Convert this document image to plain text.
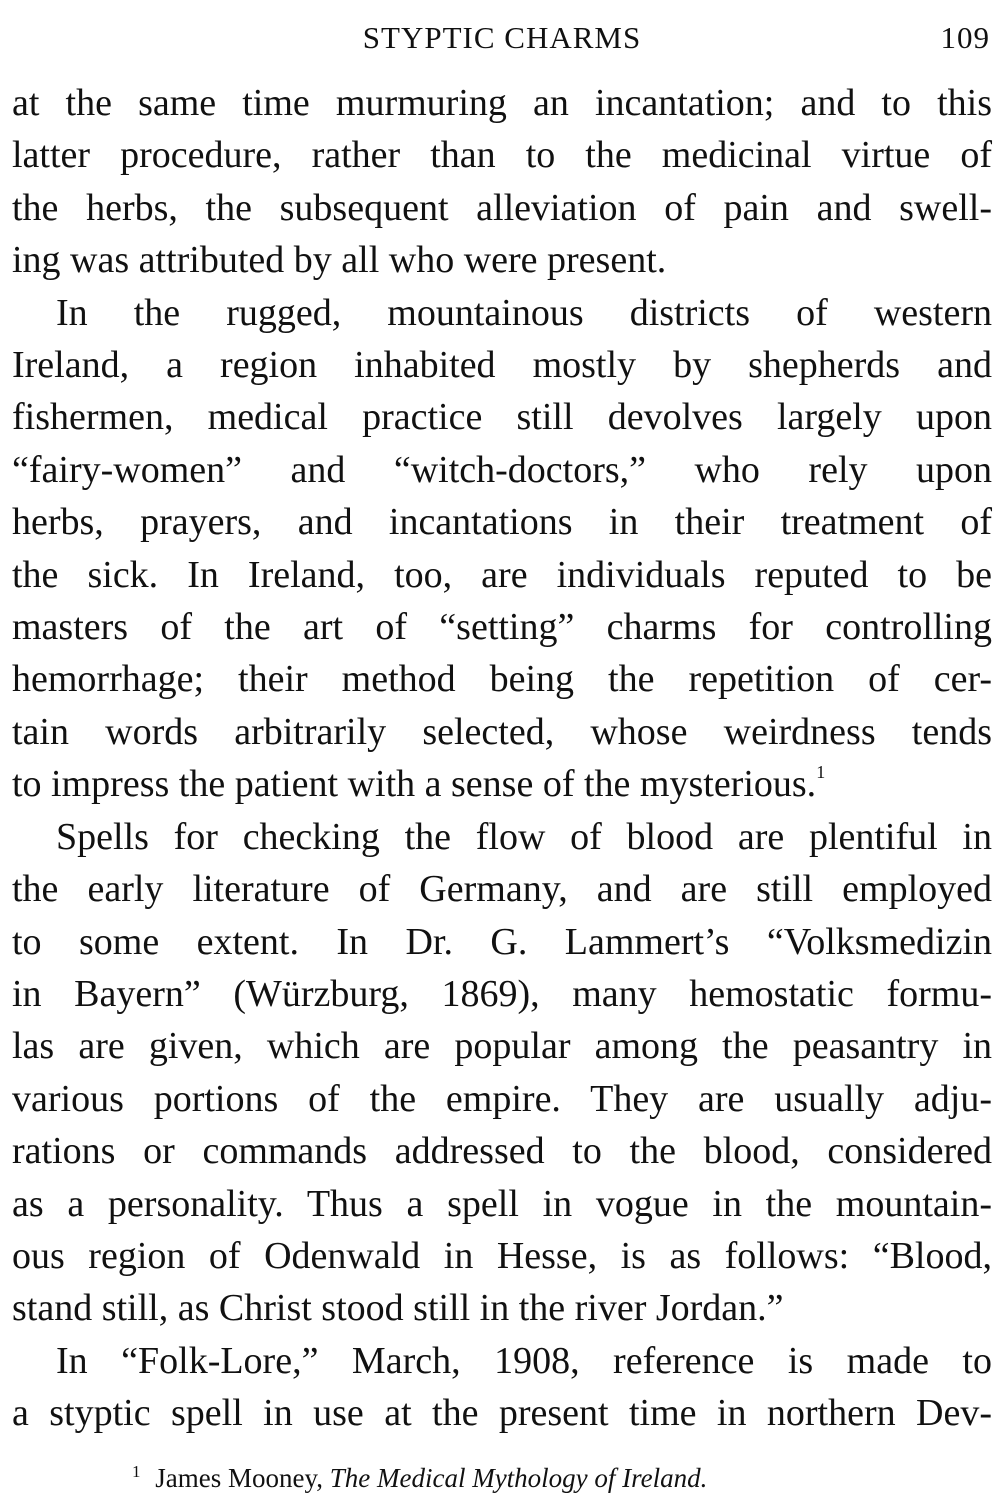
STYPTIC CHARMS	109

at the same time murmuring an incantation; and to this
latter procedure, rather than to the medicinal virtue of
the herbs, the subsequent alleviation of pain and swell-
ing was attributed by all who were present.

In the rugged, mountainous districts of western
Ireland, a region inhabited mostly by shepherds and
fishermen, medical practice still devolves largely upon
“fairy-women” and “witch-doctors,” who rely upon
herbs, prayers, and incantations in their treatment of
the sick. In Ireland, too, are individuals reputed to be
masters of the art of “setting” charms for controlling
hemorrhage; their method being the repetition of cer-
tain words arbitrarily selected, whose weirdness tends
to impress the patient with a sense of the mysterious.$^1$

Spells for checking the flow of blood are plentiful in
the early literature of Germany, and are still employed
to some extent. In Dr. G. Lammert’s “Volksmedizin
in Bayern” (Würzburg, 1869), many hemostatic formu-
las are given, which are popular among the peasantry in
various portions of the empire. They are usually adju-
rations or commands addressed to the blood, considered
as a personality. Thus a spell in vogue in the mountain-
ous region of Odenwald in Hesse, is as follows: “Blood,
stand still, as Christ stood still in the river Jordan.”

In “Folk-Lore,” March, 1908, reference is made to
a styptic spell in use at the present time in northern Dev-

$^1$ James Mooney, The Medical Mythology of Ireland.
